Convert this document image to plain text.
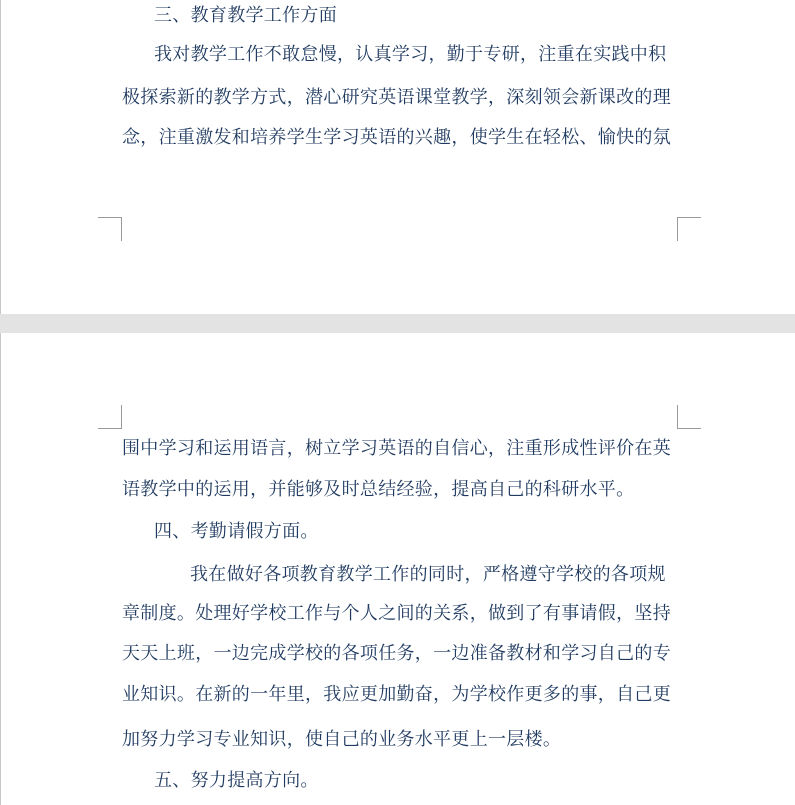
三、教育教学工作方面
我对教学工作不敢怠慢，认真学习，勤于专研，注重在实践中积
极探索新的教学方式，潜心研究英语课堂教学，深刻领会新课改的理
念，注重激发和培养学生学习英语的兴趣，使学生在轻松、愉快的氛
围中学习和运用语言，树立学习英语的自信心，注重形成性评价在英
语教学中的运用，并能够及时总结经验，提高自己的科研水平。
四、考勤请假方面。
我在做好各项教育教学工作的同时，严格遵守学校的各项规
章制度。处理好学校工作与个人之间的关系，做到了有事请假，坚持
天天上班，一边完成学校的各项任务，一边准备教材和学习自己的专
业知识。在新的一年里，我应更加勤奋，为学校作更多的事，自己更
加努力学习专业知识，使自己的业务水平更上一层楼。
五、努力提高方向。
